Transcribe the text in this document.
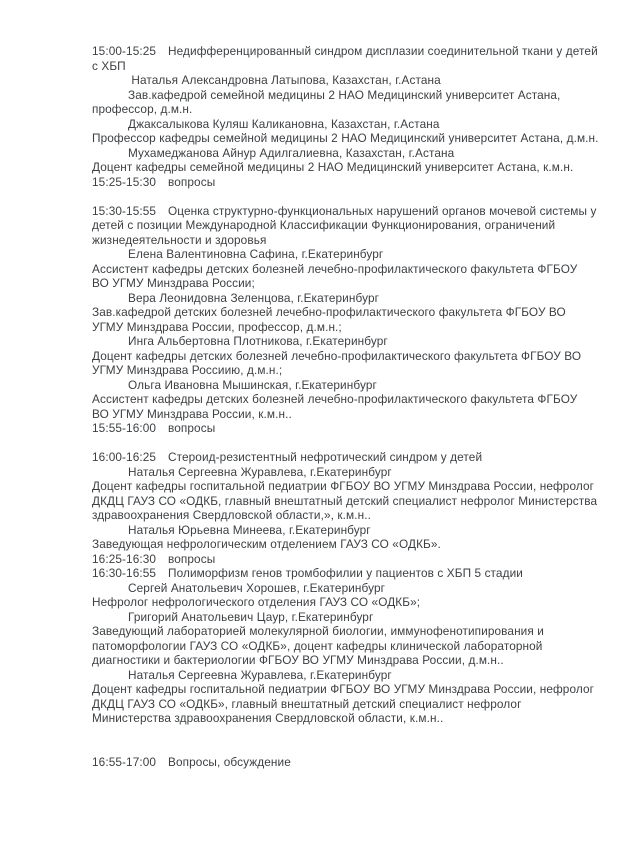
15:00-15:25 Недифференцированный синдром дисплазии соединительной ткани у детей
с ХБП
Наталья Александровна Латыпова, Казахстан, г.Астана
Зав.кафедрой семейной медицины 2 НАО Медицинский университет Астана,
профессор, д.м.н.
Джаксалыкова Куляш Каликановна, Казахстан, г.Астана
Профессор кафедры семейной медицины 2 НАО Медицинский университет Астана, д.м.н.
Мухамеджанова Айнур Адилгалиевна, Казахстан, г.Астана
Доцент кафедры семейной медицины 2 НАО Медицинский университет Астана, к.м.н.
15:25-15:30 вопросы

15:30-15:55 Оценка структурно-функциональных нарушений органов мочевой системы у
детей с позиции Международной Классификации Функционирования, ограничений
жизнедеятельности и здоровья
Елена Валентиновна Сафина, г.Екатеринбург
Ассистент кафедры детских болезней лечебно-профилактического факультета ФГБОУ
ВО УГМУ Минздрава России;
Вера Леонидовна Зеленцова, г.Екатеринбург
Зав.кафедрой детских болезней лечебно-профилактического факультета ФГБОУ ВО
УГМУ Минздрава России, профессор, д.м.н.;
Инга Альбертовна Плотникова, г.Екатеринбург
Доцент кафедры детских болезней лечебно-профилактического факультета ФГБОУ ВО
УГМУ Минздрава Россиию, д.м.н.;
Ольга Ивановна Мышинская, г.Екатеринбург
Ассистент кафедры детских болезней лечебно-профилактического факультета ФГБОУ
ВО УГМУ Минздрава России, к.м.н..
15:55-16:00 вопросы

16:00-16:25 Стероид-резистентный нефротический синдром у детей
Наталья Сергеевна Журавлева, г.Екатеринбург
Доцент кафедры госпитальной педиатрии ФГБОУ ВО УГМУ Минздрава России, нефролог
ДКДЦ ГАУЗ СО «ОДКБ, главный внештатный детский специалист нефролог Министерства
здравоохранения Свердловской области,», к.м.н..
Наталья Юрьевна Минеева, г.Екатеринбург
Заведующая нефрологическим отделением ГАУЗ СО «ОДКБ».
16:25-16:30 вопросы
16:30-16:55 Полиморфизм генов тромбофилии у пациентов с ХБП 5 стадии
Сергей Анатольевич Хорошев, г.Екатеринбург
Нефролог нефрологического отделения ГАУЗ СО «ОДКБ»;
Григорий Анатольевич Цаур, г.Екатеринбург
Заведующий лабораторией молекулярной биологии, иммунофенотипирования и
патоморфологии ГАУЗ СО «ОДКБ», доцент кафедры клинической лабораторной
диагностики и бактериологии ФГБОУ ВО УГМУ Минздрава России, д.м.н..
Наталья Сергеевна Журавлева, г.Екатеринбург
Доцент кафедры госпитальной педиатрии ФГБОУ ВО УГМУ Минздрава России, нефролог
ДКДЦ ГАУЗ СО «ОДКБ», главный внештатный детский специалист нефролог
Министерства здравоохранения Свердловской области, к.м.н..

16:55-17:00 Вопросы, обсуждение
